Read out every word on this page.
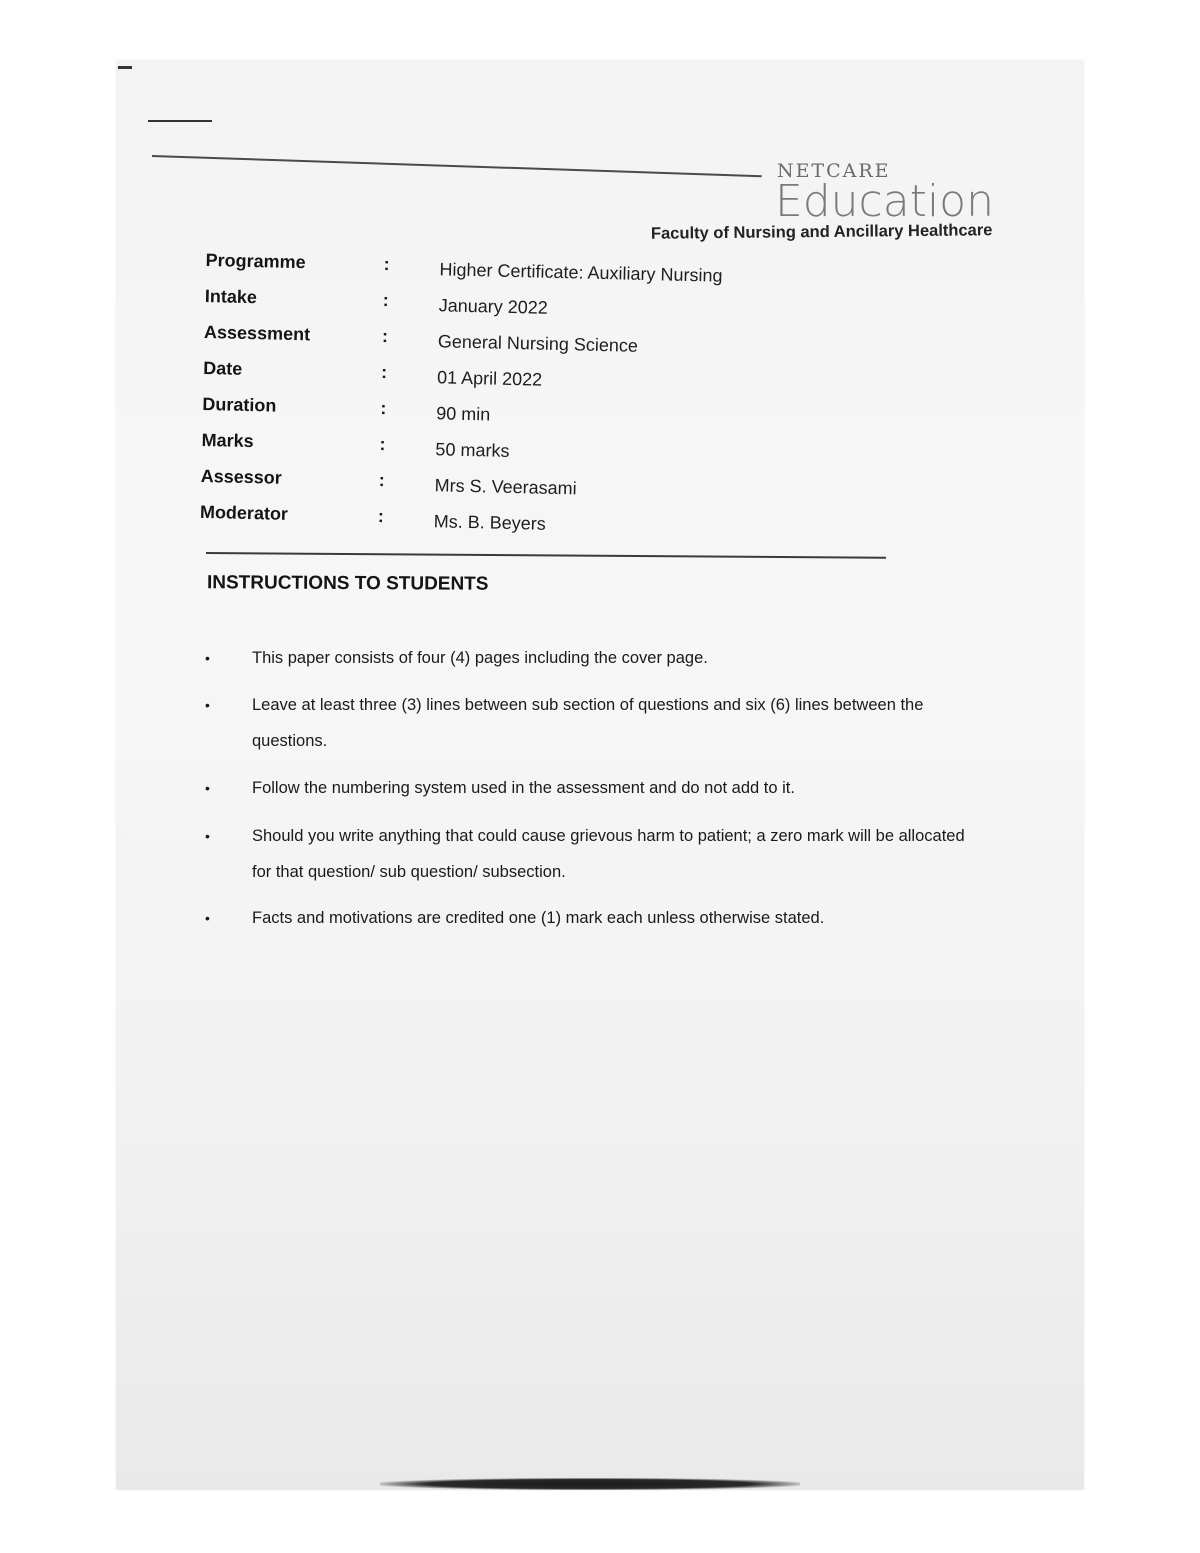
NETCARE
Education
Faculty of Nursing and Ancillary Healthcare
Programme	:	Higher Certificate: Auxiliary Nursing
Intake	:	January 2022
Assessment	:	General Nursing Science
Date	:	01 April 2022
Duration	:	90 min
Marks	:	50 marks
Assessor	:	Mrs S. Veerasami
Moderator	:	Ms. B. Beyers
INSTRUCTIONS TO STUDENTS
•	This paper consists of four (4) pages including the cover page.
•	Leave at least three (3) lines between sub section of questions and six (6) lines between the questions.
•	Follow the numbering system used in the assessment and do not add to it.
•	Should you write anything that could cause grievous harm to patient; a zero mark will be allocated for that question/ sub question/ subsection.
•	Facts and motivations are credited one (1) mark each unless otherwise stated.
